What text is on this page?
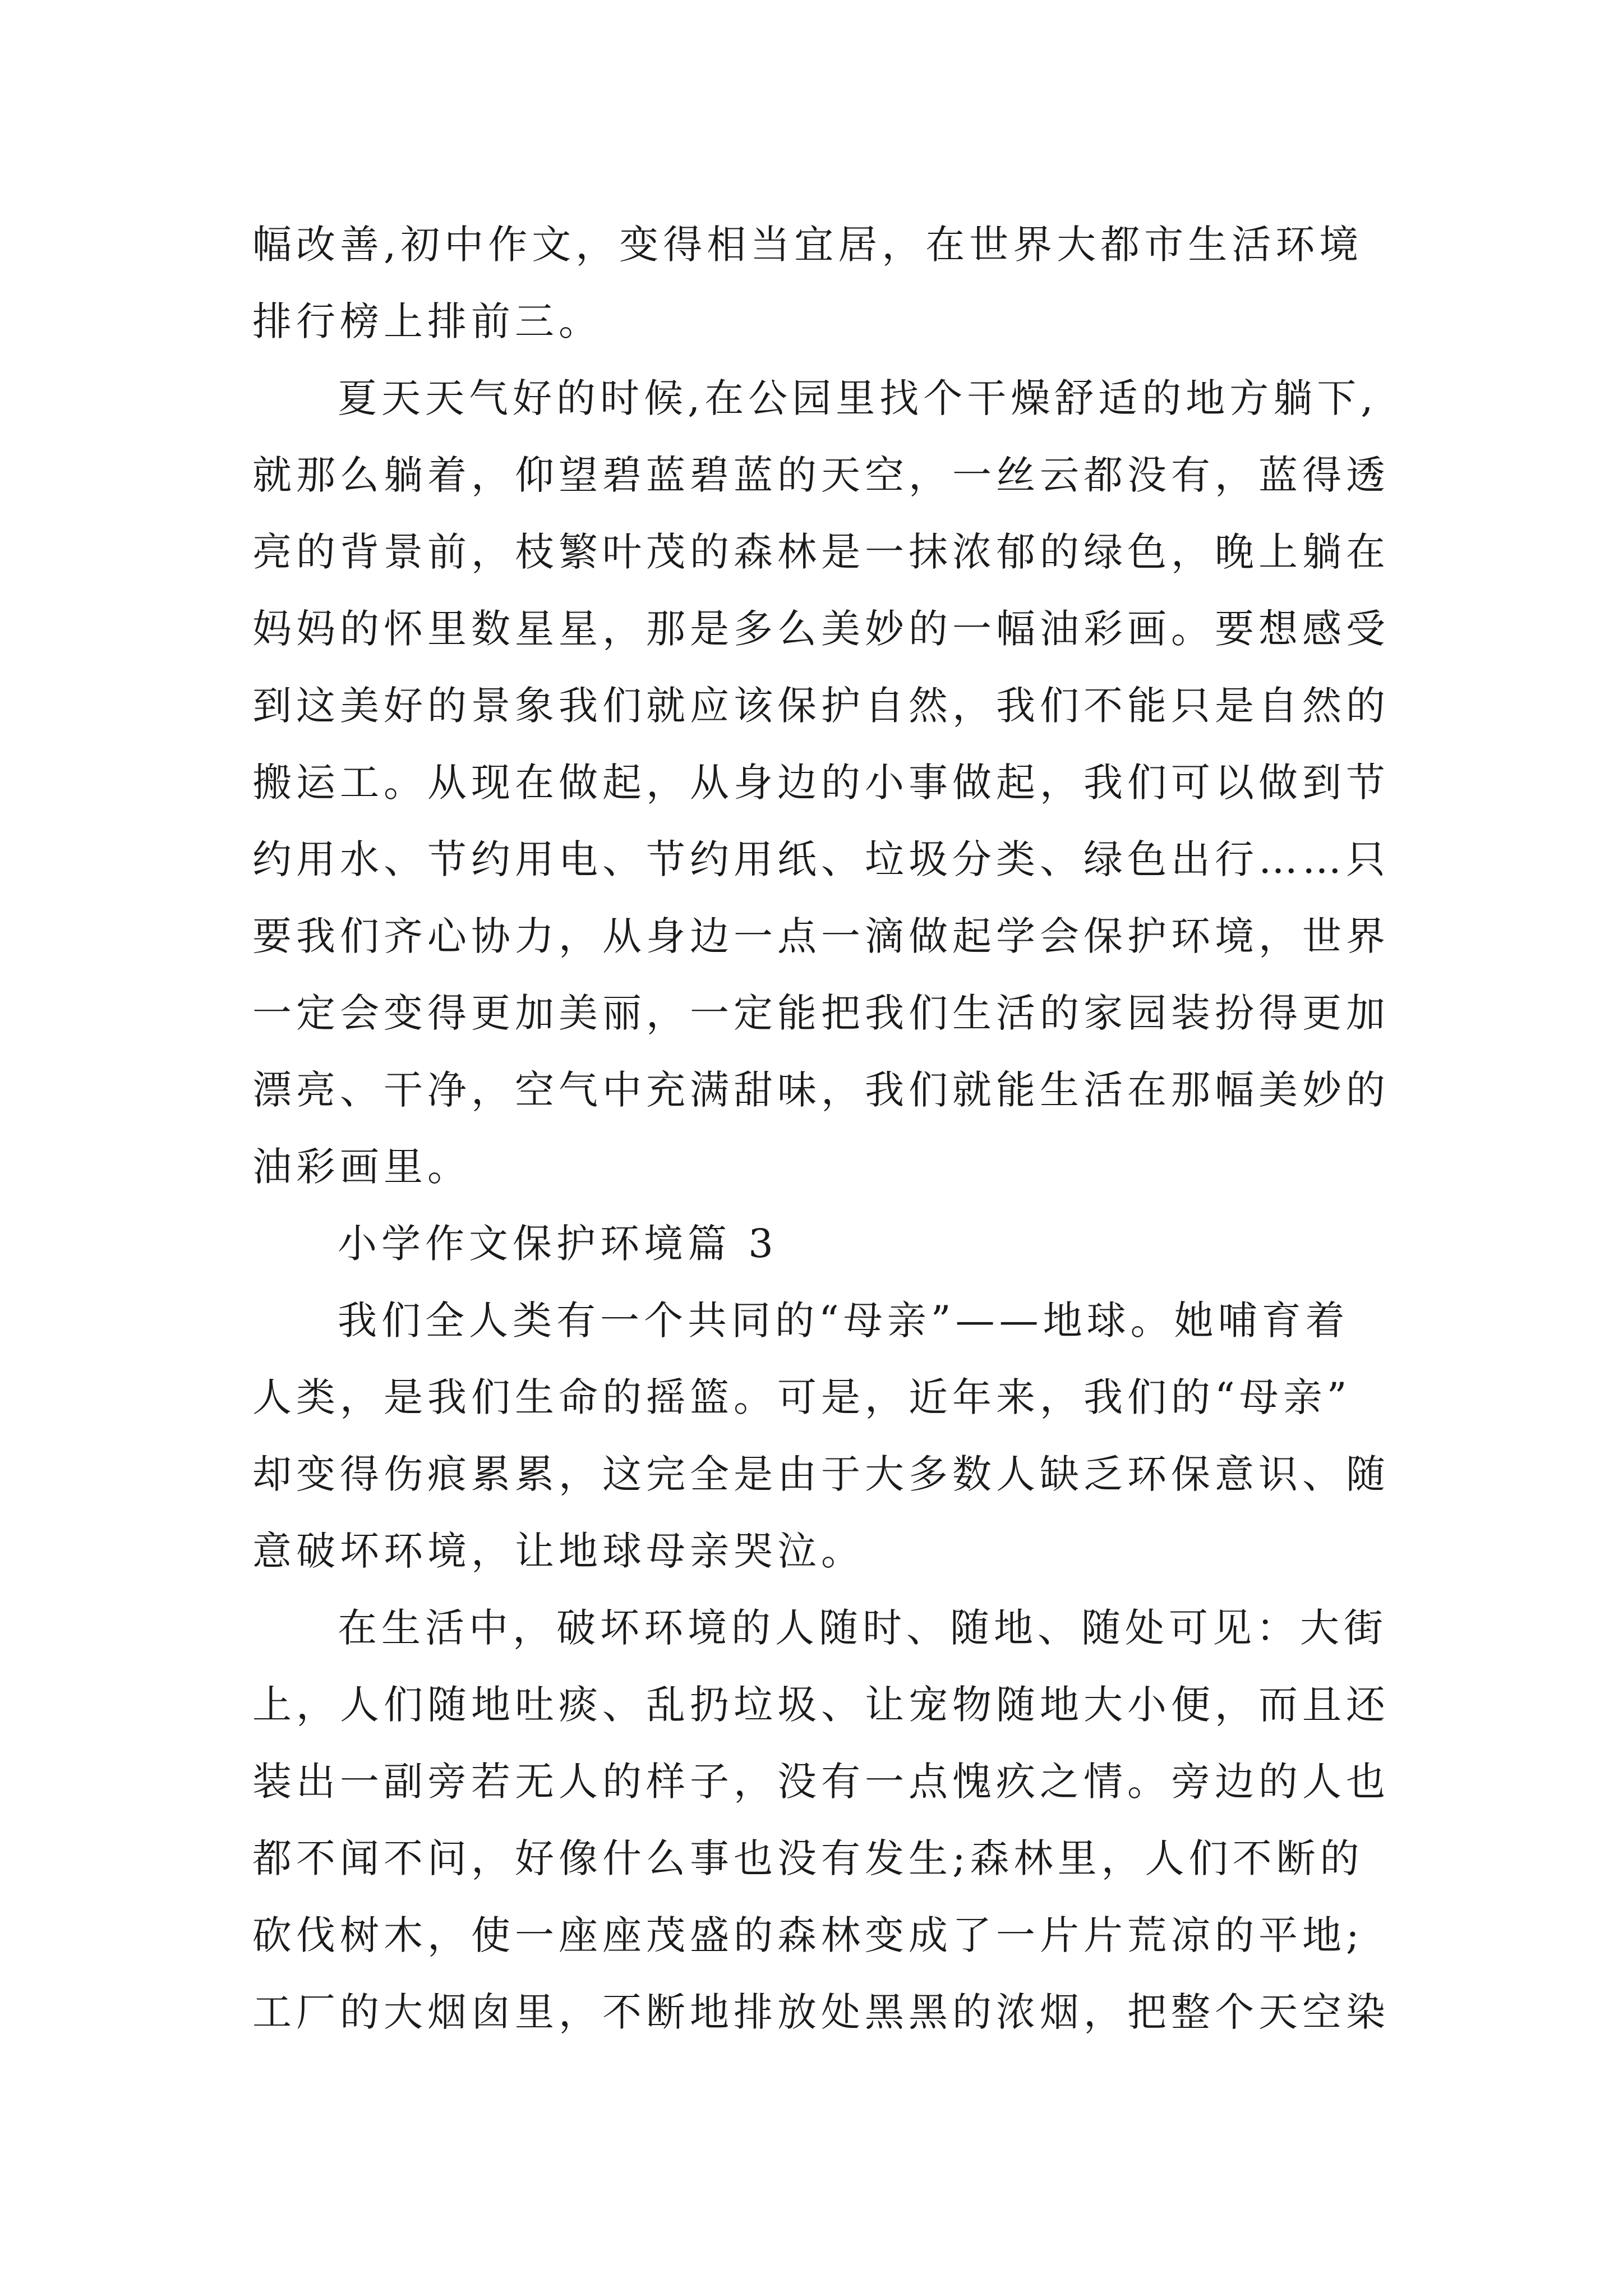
幅改善,初中作文，变得相当宜居，在世界大都市生活环境
排行榜上排前三。
夏天天气好的时候,在公园里找个干燥舒适的地方躺下,
就那么躺着，仰望碧蓝碧蓝的天空，一丝云都没有，蓝得透
亮的背景前，枝繁叶茂的森林是一抹浓郁的绿色，晚上躺在
妈妈的怀里数星星，那是多么美妙的一幅油彩画。要想感受
到这美好的景象我们就应该保护自然，我们不能只是自然的
搬运工。从现在做起，从身边的小事做起，我们可以做到节
约用水、节约用电、节约用纸、垃圾分类、绿色出行……只
要我们齐心协力，从身边一点一滴做起学会保护环境，世界
一定会变得更加美丽，一定能把我们生活的家园装扮得更加
漂亮、干净，空气中充满甜味，我们就能生活在那幅美妙的
油彩画里。
小学作文保护环境篇 3
我们全人类有一个共同的“母亲”——地球。她哺育着
人类，是我们生命的摇篮。可是，近年来，我们的“母亲”
却变得伤痕累累，这完全是由于大多数人缺乏环保意识、随
意破坏环境，让地球母亲哭泣。
在生活中，破坏环境的人随时、随地、随处可见：大街
上，人们随地吐痰、乱扔垃圾、让宠物随地大小便，而且还
装出一副旁若无人的样子，没有一点愧疚之情。旁边的人也
都不闻不问，好像什么事也没有发生;森林里，人们不断的
砍伐树木，使一座座茂盛的森林变成了一片片荒凉的平地;
工厂的大烟囱里，不断地排放处黑黑的浓烟，把整个天空染
